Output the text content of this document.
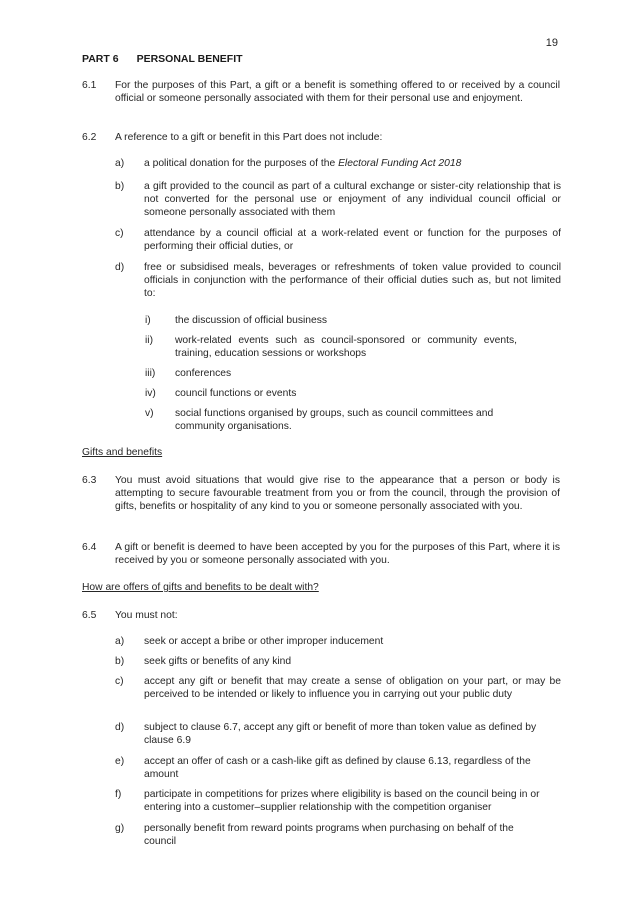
19
PART 6 PERSONAL BENEFIT
6.1 For the purposes of this Part, a gift or a benefit is something offered to or received by a council official or someone personally associated with them for their personal use and enjoyment.
6.2 A reference to a gift or benefit in this Part does not include:
a) a political donation for the purposes of the Electoral Funding Act 2018
b) a gift provided to the council as part of a cultural exchange or sister-city relationship that is not converted for the personal use or enjoyment of any individual council official or someone personally associated with them
c) attendance by a council official at a work-related event or function for the purposes of performing their official duties, or
d) free or subsidised meals, beverages or refreshments of token value provided to council officials in conjunction with the performance of their official duties such as, but not limited to:
i) the discussion of official business
ii) work-related events such as council-sponsored or community events, training, education sessions or workshops
iii) conferences
iv) council functions or events
v) social functions organised by groups, such as council committees and community organisations.
Gifts and benefits
6.3 You must avoid situations that would give rise to the appearance that a person or body is attempting to secure favourable treatment from you or from the council, through the provision of gifts, benefits or hospitality of any kind to you or someone personally associated with you.
6.4 A gift or benefit is deemed to have been accepted by you for the purposes of this Part, where it is received by you or someone personally associated with you.
How are offers of gifts and benefits to be dealt with?
6.5 You must not:
a) seek or accept a bribe or other improper inducement
b) seek gifts or benefits of any kind
c) accept any gift or benefit that may create a sense of obligation on your part, or may be perceived to be intended or likely to influence you in carrying out your public duty
d) subject to clause 6.7, accept any gift or benefit of more than token value as defined by clause 6.9
e) accept an offer of cash or a cash-like gift as defined by clause 6.13, regardless of the amount
f) participate in competitions for prizes where eligibility is based on the council being in or entering into a customer–supplier relationship with the competition organiser
g) personally benefit from reward points programs when purchasing on behalf of the council
